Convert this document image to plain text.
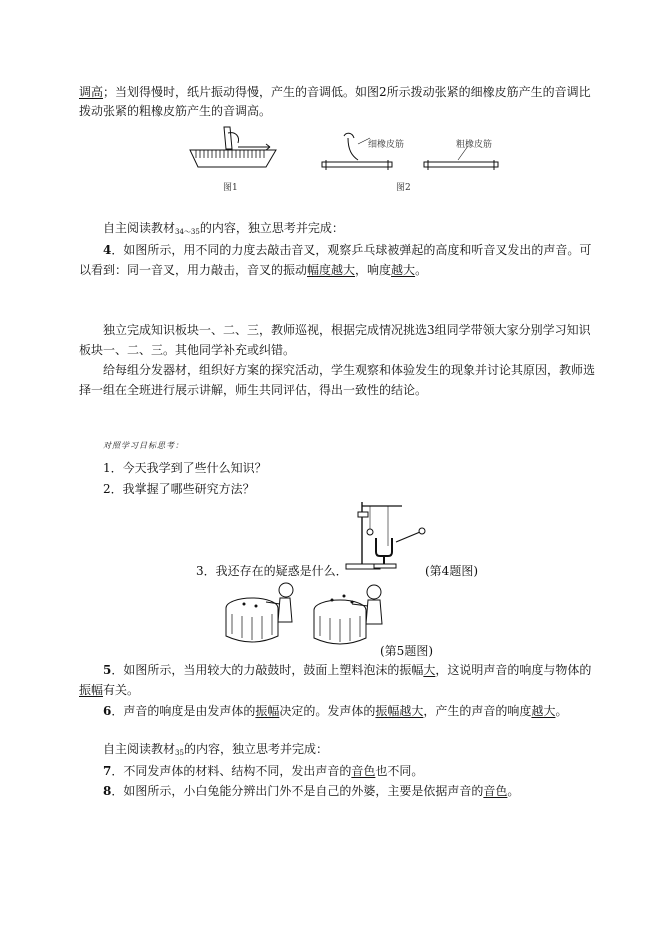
调高；当划得慢时，纸片振动得慢，产生的音调低。如图2所示拨动张紧的细橡皮筋产生的音调比
拨动张紧的粗橡皮筋产生的音调高。
图1
细橡皮筋	粗橡皮筋
图2
自主阅读教材$_{34\sim 35}$的内容，独立思考并完成：
4．如图所示，用不同的力度去敲击音叉，观察乒乓球被弹起的高度和听音叉发出的声音。可
以看到：同一音叉，用力敲击，音叉的振动幅度越大，响度越大。
独立完成知识板块一、二、三，教师巡视，根据完成情况挑选3组同学带领大家分别学习知识
板块一、二、三。其他同学补充或纠错。
给每组分发器材，组织好方案的探究活动，学生观察和体验发生的现象并讨论其原因，教师选
择一组在全班进行展示讲解，师生共同评估，得出一致性的结论。
对照学习目标思考：
1．今天我学到了些什么知识？
2．我掌握了哪些研究方法？
3．我还存在的疑惑是什么．	(第4题图)
(第5题图)
5．如图所示，当用较大的力敲鼓时，鼓面上塑料泡沫的振幅大，这说明声音的响度与物体的
振幅有关。
6．声音的响度是由发声体的振幅决定的。发声体的振幅越大，产生的声音的响度越大。
自主阅读教材$_{35}$的内容，独立思考并完成：
7．不同发声体的材料、结构不同，发出声音的音色也不同。
8．如图所示，小白兔能分辨出门外不是自己的外婆，主要是依据声音的音色。
